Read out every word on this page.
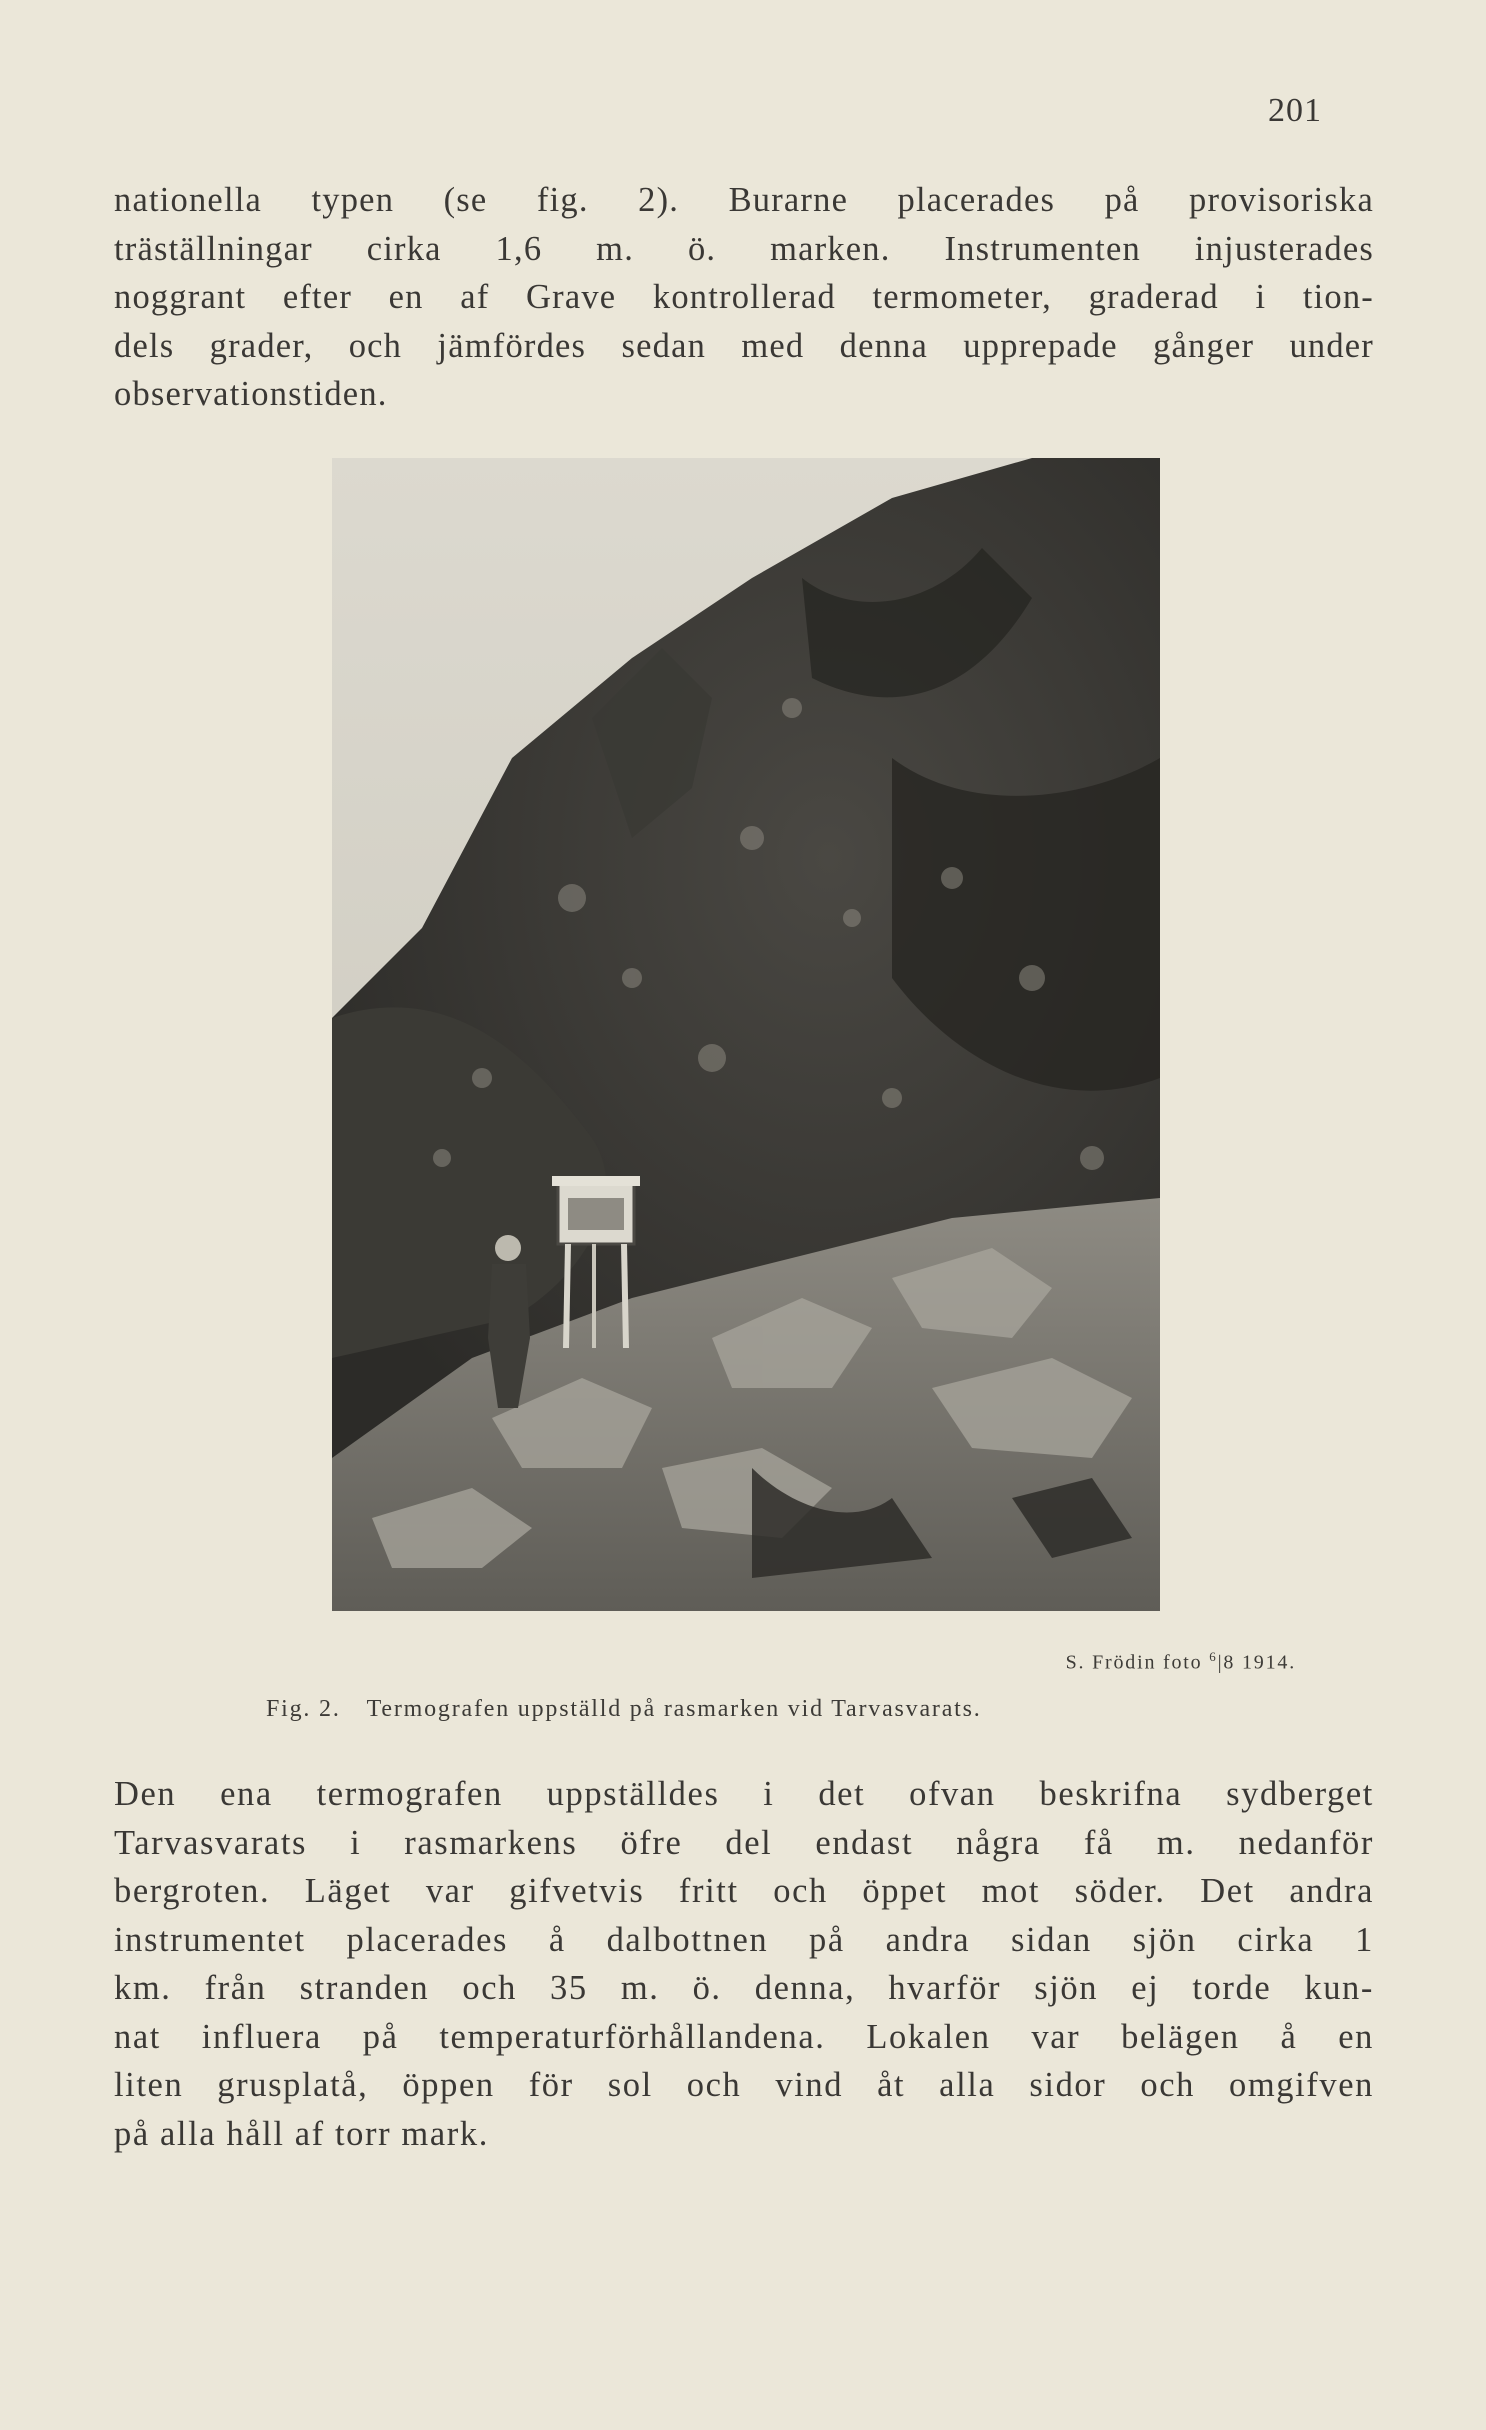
201
nationella typen (se fig. 2). Burarne placerades på provisoriska
träställningar cirka 1,6 m. ö. marken. Instrumenten injusterades
noggrant efter en af Grave kontrollerad termometer, graderad i tion-
dels grader, och jämfördes sedan med denna upprepade gånger under
observationstiden.
S. Frödin foto $^6$|8 1914.
Fig. 2. Termografen uppställd på rasmarken vid Tarvasvarats.
Den ena termografen uppställdes i det ofvan beskrifna sydberget
Tarvasvarats i rasmarkens öfre del endast några få m. nedanför
bergroten. Läget var gifvetvis fritt och öppet mot söder. Det andra
instrumentet placerades å dalbottnen på andra sidan sjön cirka 1
km. från stranden och 35 m. ö. denna, hvarför sjön ej torde kun-
nat influera på temperaturförhållandena. Lokalen var belägen å en
liten grusplatå, öppen för sol och vind åt alla sidor och omgifven
på alla håll af torr mark.
